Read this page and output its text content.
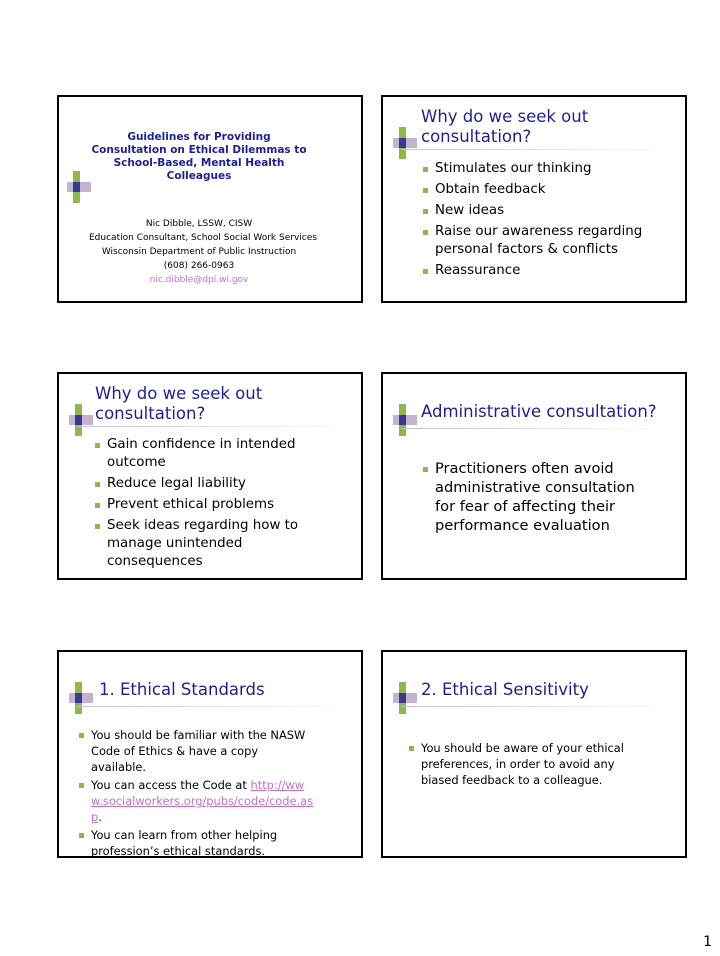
Guidelines for Providing Consultation on Ethical Dilemmas to School-Based, Mental Health Colleagues
Nic Dibble, LSSW, CISW
Education Consultant, School Social Work Services
Wisconsin Department of Public Instruction
(608) 266-0963
nic.dibble@dpi.wi.gov
Why do we seek out consultation?
Stimulates our thinking
Obtain feedback
New ideas
Raise our awareness regarding personal factors & conflicts
Reassurance
Why do we seek out consultation?
Gain confidence in intended outcome
Reduce legal liability
Prevent ethical problems
Seek ideas regarding how to manage unintended consequences
Administrative consultation?
Practitioners often avoid administrative consultation for fear of affecting their performance evaluation
1. Ethical Standards
You should be familiar with the NASW Code of Ethics & have a copy available.
You can access the Code at http://www.socialworkers.org/pubs/code/code.asp.
You can learn from other helping profession’s ethical standards.
2. Ethical Sensitivity
You should be aware of your ethical preferences, in order to avoid any biased feedback to a colleague.
1
